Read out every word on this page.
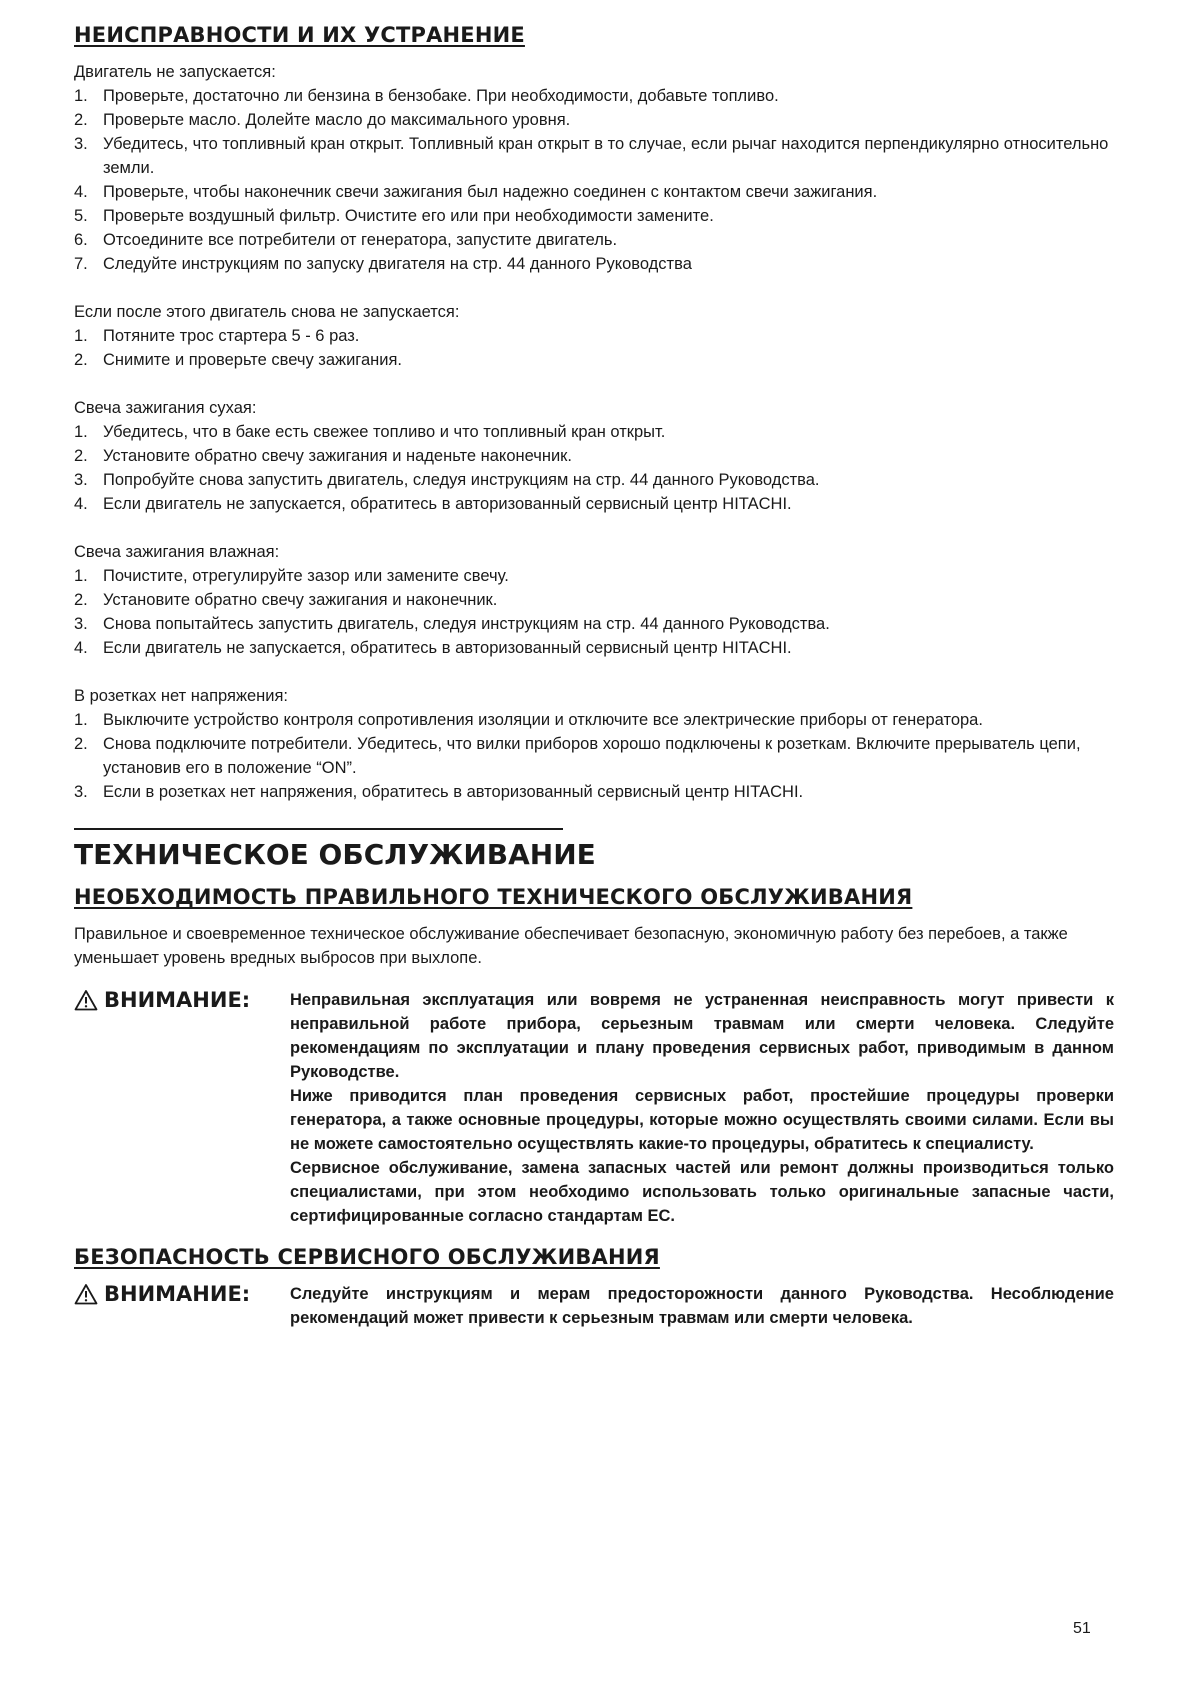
НЕИСПРАВНОСТИ И ИХ УСТРАНЕНИЕ

Двигатель не запускается:

1. Проверьте, достаточно ли бензина в бензобаке. При необходимости, добавьте топливо.
2. Проверьте масло. Долейте масло до максимального уровня.
3. Убедитесь, что топливный кран открыт. Топливный кран открыт в то случае, если рычаг находится перпендикулярно относительно земли.
4. Проверьте, чтобы наконечник свечи зажигания был надежно соединен с контактом свечи зажигания.
5. Проверьте воздушный фильтр. Очистите его или при необходимости замените.
6. Отсоедините все потребители от генератора, запустите двигатель.
7. Следуйте инструкциям по запуску двигателя на стр. 44 данного Руководства

Если после этого двигатель снова не запускается:

1. Потяните трос стартера 5 - 6 раз.
2. Снимите и проверьте свечу зажигания.

Свеча зажигания сухая:

1. Убедитесь, что в баке есть свежее топливо и что топливный кран открыт.
2. Установите обратно свечу зажигания и наденьте наконечник.
3. Попробуйте снова запустить двигатель, следуя инструкциям на стр. 44 данного Руководства.
4. Если двигатель не запускается, обратитесь в авторизованный сервисный центр HITACHI.

Свеча зажигания влажная:

1. Почистите, отрегулируйте зазор или замените свечу.
2. Установите обратно свечу зажигания и наконечник.
3. Снова попытайтесь запустить двигатель, следуя инструкциям на стр. 44 данного Руководства.
4. Если двигатель не запускается, обратитесь в авторизованный сервисный центр HITACHI.

В розетках нет напряжения:

1. Выключите устройство контроля сопротивления изоляции и отключите все электрические приборы от генератора.
2. Снова подключите потребители. Убедитесь, что вилки приборов хорошо подключены к розеткам. Включите прерыватель цепи, установив его в положение “ON”.
3. Если в розетках нет напряжения, обратитесь в авторизованный сервисный центр HITACHI.
ТЕХНИЧЕСКОЕ ОБСЛУЖИВАНИЕ
НЕОБХОДИМОСТЬ ПРАВИЛЬНОГО ТЕХНИЧЕСКОГО ОБСЛУЖИВАНИЯ

Правильное и своевременное техническое обслуживание обеспечивает безопасную, экономичную работу без перебоев, а также уменьшает уровень вредных выбросов при выхлопе.

ВНИМАНИЕ: Неправильная эксплуатация или вовремя не устраненная неисправность могут привести к неправильной работе прибора, серьезным травмам или смерти человека. Следуйте рекомендациям по эксплуатации и плану проведения сервисных работ, приводимым в данном Руководстве.

Ниже приводится план проведения сервисных работ, простейшие процедуры проверки генератора, а также основные процедуры, которые можно осуществлять своими силами. Если вы не можете самостоятельно осуществлять какие-то процедуры, обратитесь к специалисту.

Сервисное обслуживание, замена запасных частей или ремонт должны производиться только специалистами, при этом необходимо использовать только оригинальные запасные части, сертифицированные согласно стандартам ЕС.

БЕЗОПАСНОСТЬ СЕРВИСНОГО ОБСЛУЖИВАНИЯ
ВНИМАНИЕ: Следуйте инструкциям и мерам предосторожности данного Руководства. Несоблюдение рекомендаций может привести к серьезным травмам или смерти человека.

51
